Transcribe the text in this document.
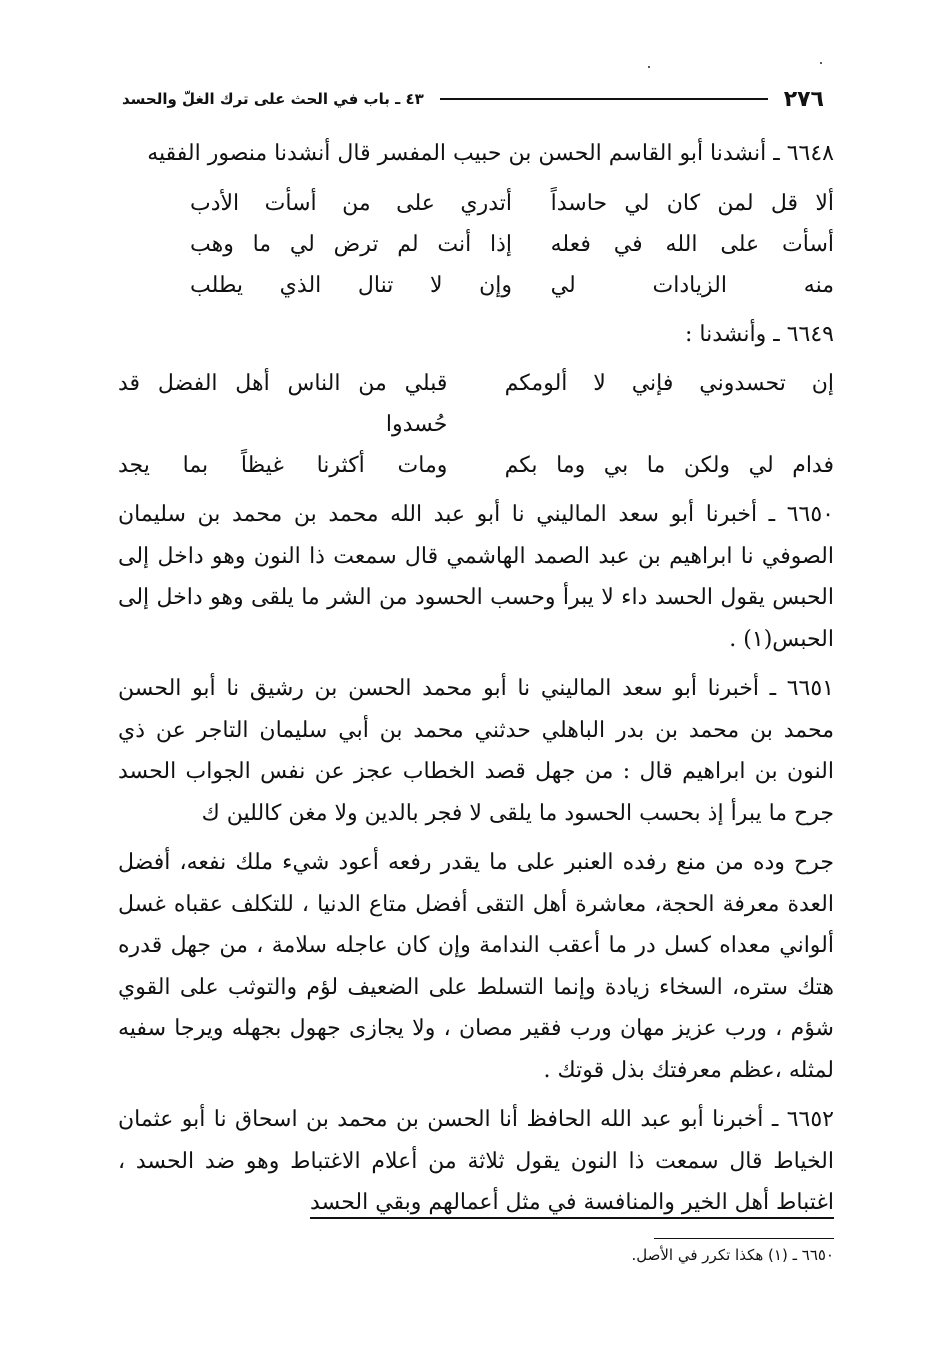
٢٧٦
٤٣ ـ باب في الحث على ترك الغلّ والحسد

٦٦٤٨ ـ أنشدنا أبو القاسم الحسن بن حبيب المفسر قال أنشدنا منصور الفقيه

ألا قل لمن كان لي حاسداً
أتدري على من أسأت الأدب
أسأت على الله في فعله
إذا أنت لم ترض لي ما وهب
منه الزيادات لي
وإن لا تنال الذي يطلب

٦٦٤٩ ـ وأنشدنا :

إن تحسدوني فإني لا ألومكم
قبلي من الناس أهل الفضل قد حُسدوا
فدام لي ولكن ما بي وما بكم
ومات أكثرنا غيظاً بما يجد

٦٦٥٠ ـ أخبرنا أبو سعد الماليني نا أبو عبد الله محمد بن محمد بن سليمان الصوفي نا ابراهيم بن عبد الصمد الهاشمي قال سمعت ذا النون وهو داخل إلى الحبس يقول الحسد داء لا يبرأ وحسب الحسود من الشر ما يلقى وهو داخل إلى الحبس(١) .

٦٦٥١ ـ أخبرنا أبو سعد الماليني نا أبو محمد الحسن بن رشيق نا أبو الحسن محمد بن محمد بن بدر الباهلي حدثني محمد بن أبي سليمان التاجر عن ذي النون بن ابراهيم قال : من جهل قصد الخطاب عجز عن نفس الجواب الحسد جرح ما يبرأ إذ بحسب الحسود ما يلقى لا فجر بالدين ولا مغن كاللين ك

جرح وده من منع رفده العنبر على ما يقدر رفعه أعود شيء ملك نفعه، أفضل العدة معرفة الحجة، معاشرة أهل التقى أفضل متاع الدنيا ، للتكلف عقباه غسل ألواني معداه كسل در ما أعقب الندامة وإن كان عاجله سلامة ، من جهل قدره هتك ستره، السخاء زيادة وإنما التسلط على الضعيف لؤم والتوثب على القوي شؤم ، ورب عزيز مهان ورب فقير مصان ، ولا يجازى جهول بجهله ويرجا سفيه لمثله ،عظم معرفتك بذل قوتك .

٦٦٥٢ ـ أخبرنا أبو عبد الله الحافظ أنا الحسن بن محمد بن اسحاق نا أبو عثمان الخياط قال سمعت ذا النون يقول ثلاثة من أعلام الاغتباط وهو ضد الحسد ، اغتباط أهل الخير والمنافسة في مثل أعمالهم وبقي الحسد

٦٦٥٠ ـ (١) هكذا تكرر في الأصل.
